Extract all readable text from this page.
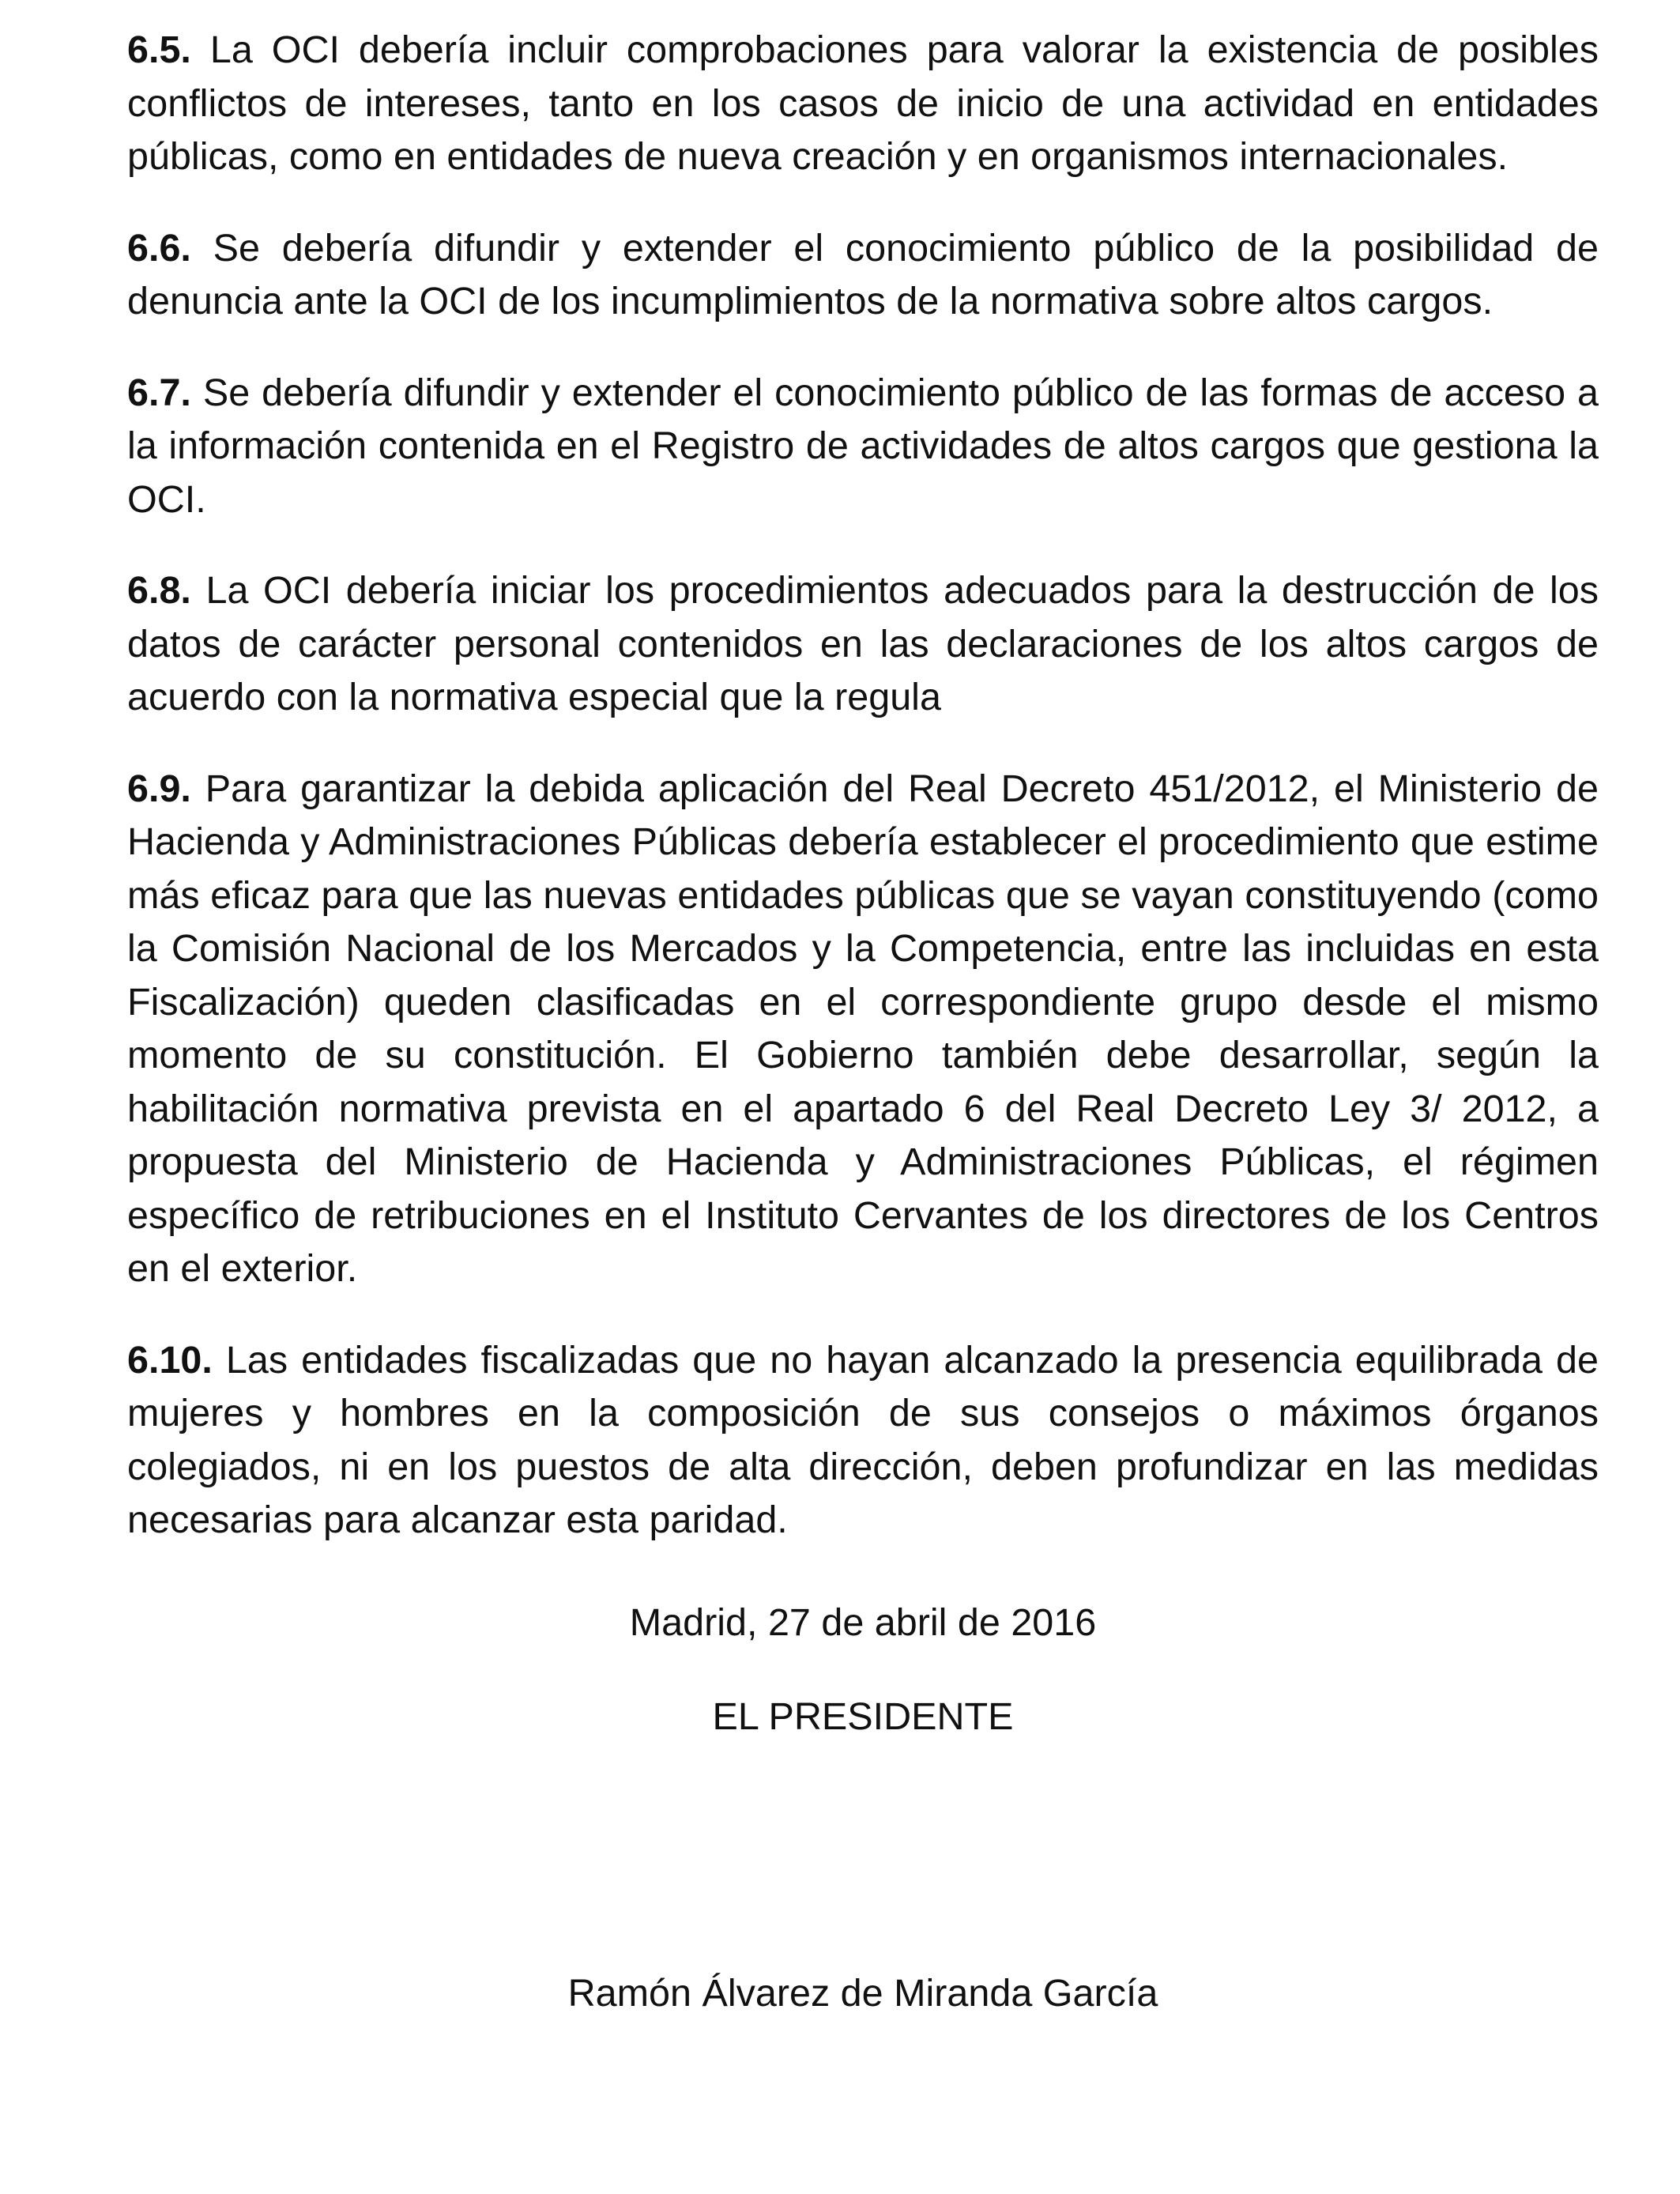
6.5. La OCI debería incluir comprobaciones para valorar la existencia de posibles conflictos de intereses, tanto en los casos de inicio de una actividad en entidades públicas, como en entidades de nueva creación y en organismos internacionales.

6.6. Se debería difundir y extender el conocimiento público de la posibilidad de denuncia ante la OCI de los incumplimientos de la normativa sobre altos cargos.

6.7. Se debería difundir y extender el conocimiento público de las formas de acceso a la información contenida en el Registro de actividades de altos cargos que gestiona la OCI.

6.8. La OCI debería iniciar los procedimientos adecuados para la destrucción de los datos de carácter personal contenidos en las declaraciones de los altos cargos de acuerdo con la normativa especial que la regula

6.9. Para garantizar la debida aplicación del Real Decreto 451/2012, el Ministerio de Hacienda y Administraciones Públicas debería establecer el procedimiento que estime más eficaz para que las nuevas entidades públicas que se vayan constituyendo (como la Comisión Nacional de los Mercados y la Competencia, entre las incluidas en esta Fiscalización) queden clasificadas en el correspondiente grupo desde el mismo momento de su constitución. El Gobierno también debe desarrollar, según la habilitación normativa prevista en el apartado 6 del Real Decreto Ley 3/ 2012, a propuesta del Ministerio de Hacienda y Administraciones Públicas, el régimen específico de retribuciones en el Instituto Cervantes de los directores de los Centros en el exterior.

6.10. Las entidades fiscalizadas que no hayan alcanzado la presencia equilibrada de mujeres y hombres en la composición de sus consejos o máximos órganos colegiados, ni en los puestos de alta dirección, deben profundizar en las medidas necesarias para alcanzar esta paridad.

Madrid, 27 de abril de 2016

EL PRESIDENTE

Ramón Álvarez de Miranda García
